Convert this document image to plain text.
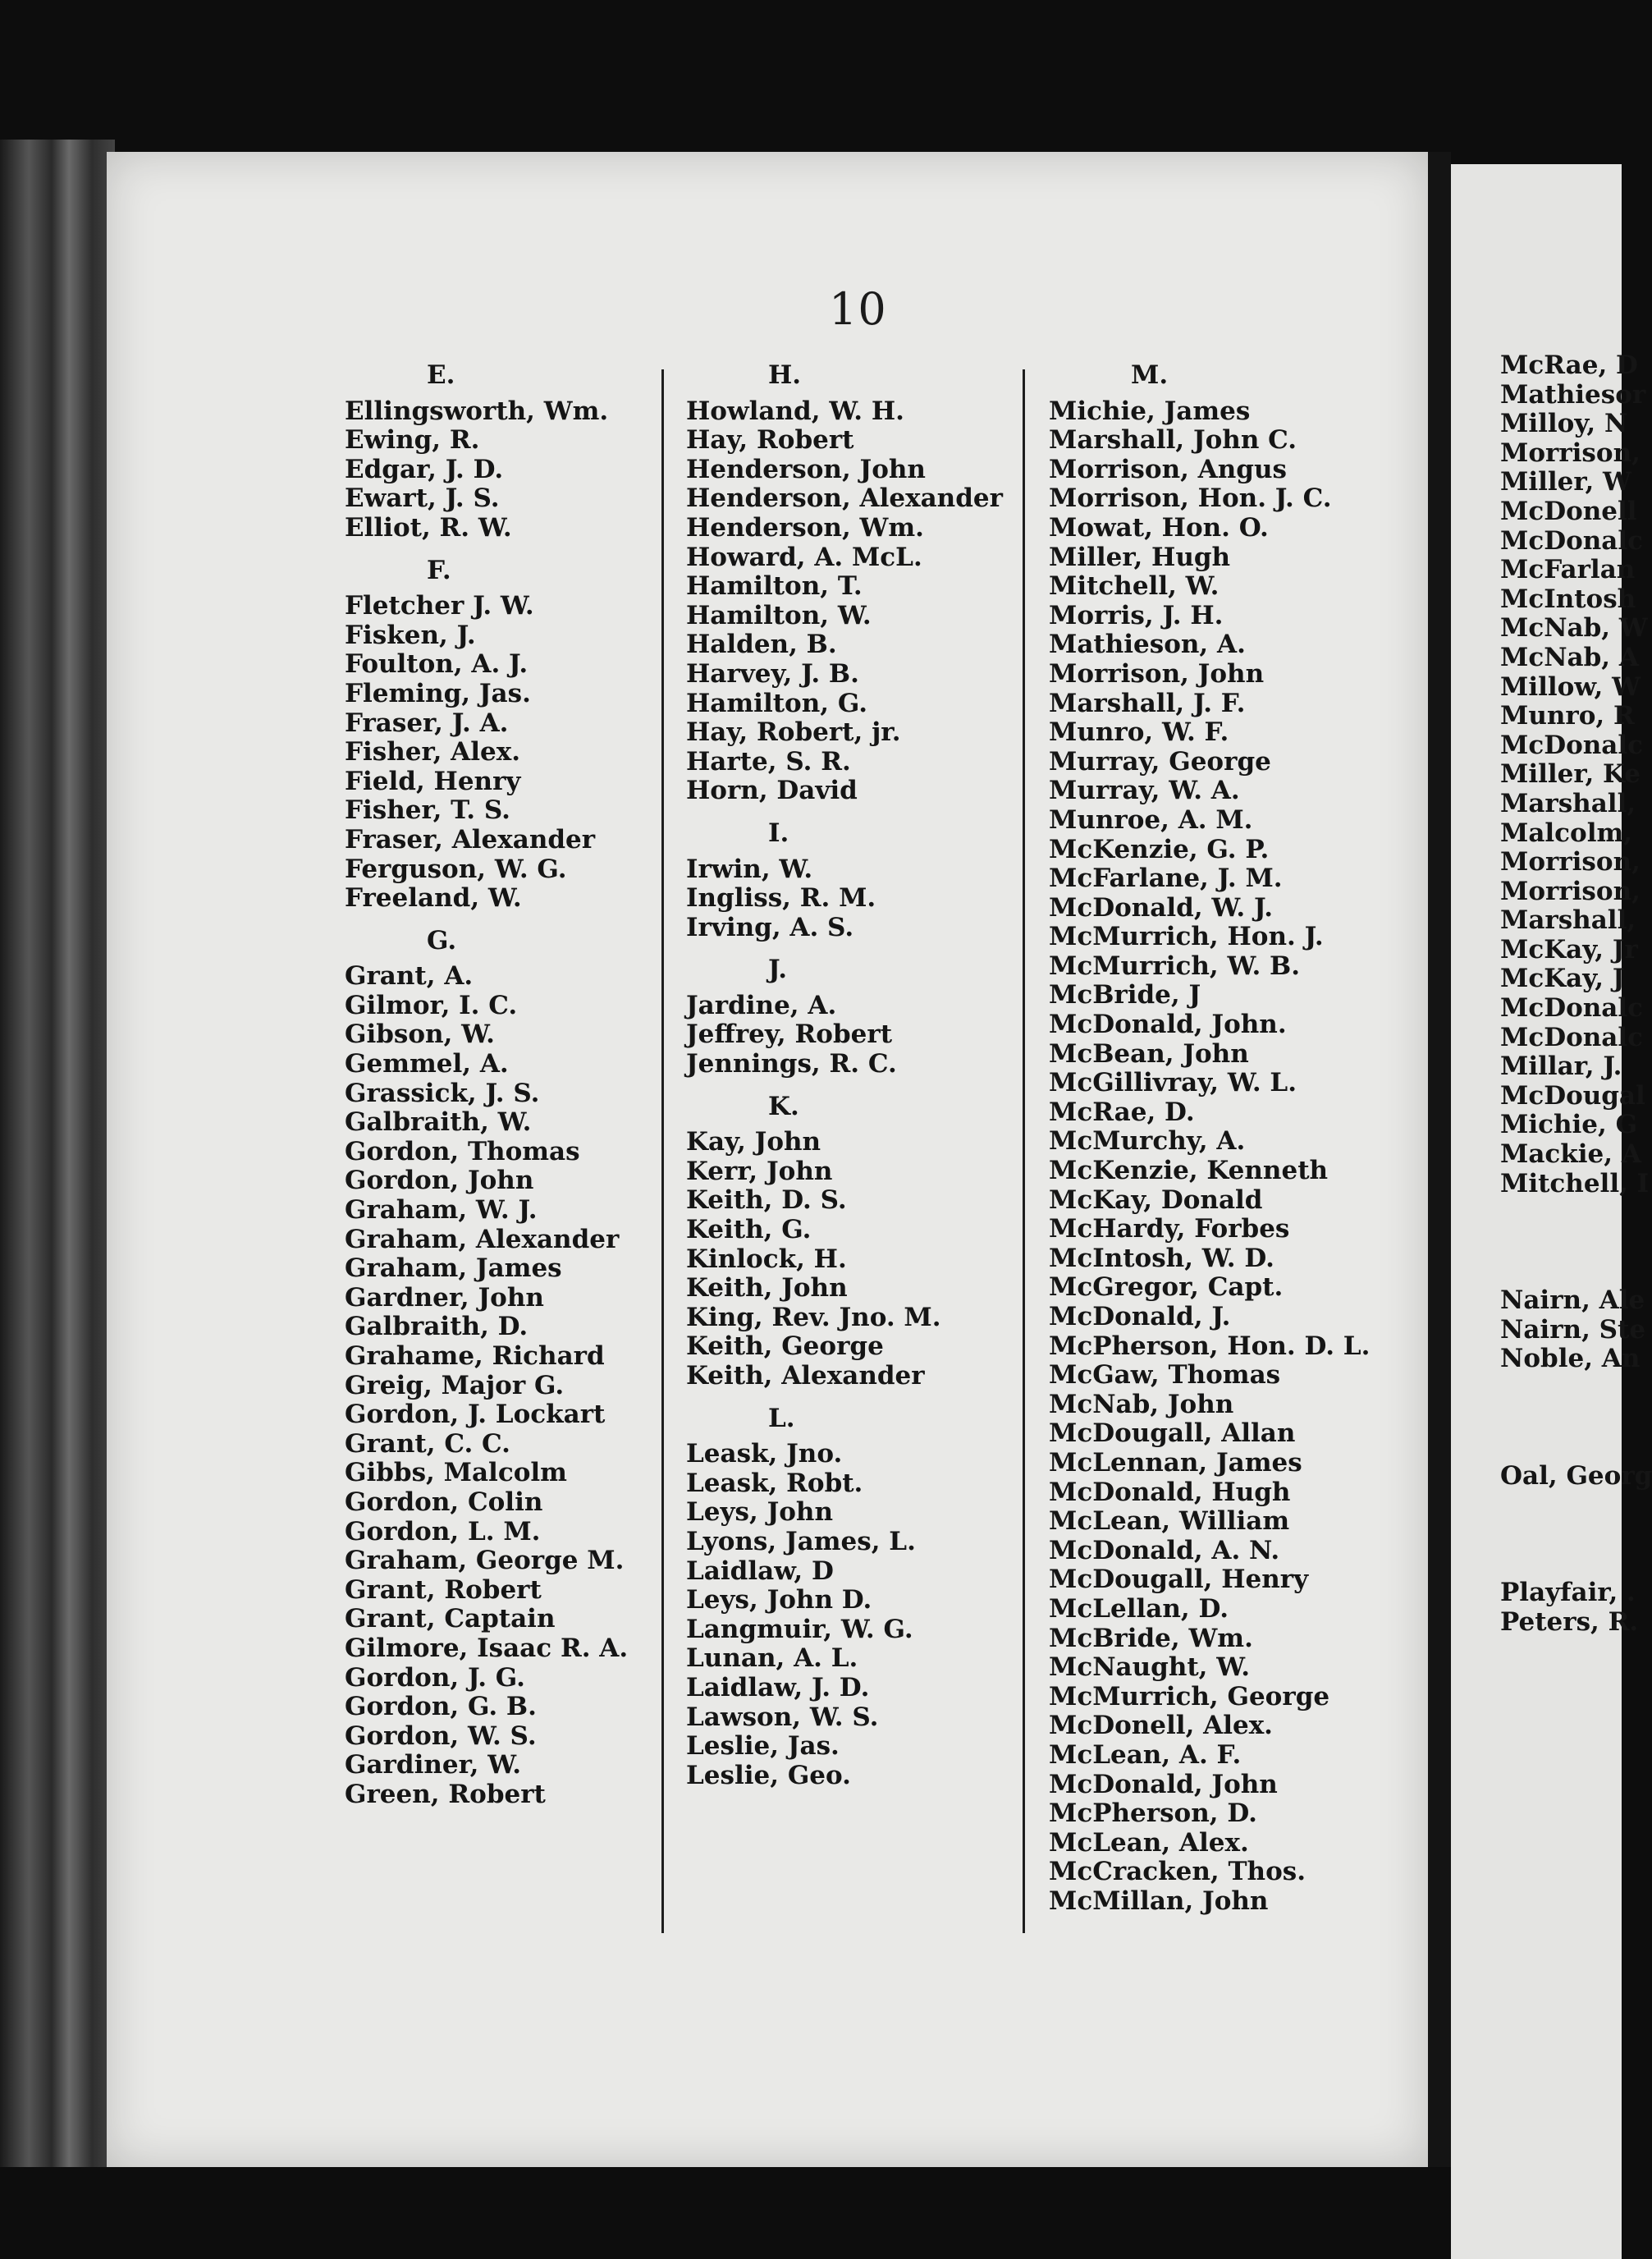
10
E.
Ellingsworth, Wm.
Ewing, R.
Edgar, J. D.
Ewart, J. S.
Elliot, R. W.
F.
Fletcher J. W.
Fisken, J.
Foulton, A. J.
Fleming, Jas.
Fraser, J. A.
Fisher, Alex.
Field, Henry
Fisher, T. S.
Fraser, Alexander
Ferguson, W. G.
Freeland, W.
G.
Grant, A.
Gilmor, I. C.
Gibson, W.
Gemmel, A.
Grassick, J. S.
Galbraith, W.
Gordon, Thomas
Gordon, John
Graham, W. J.
Graham, Alexander
Graham, James
Gardner, John
Galbraith, D.
Grahame, Richard
Greig, Major G.
Gordon, J. Lockart
Grant, C. C.
Gibbs, Malcolm
Gordon, Colin
Gordon, L. M.
Graham, George M.
Grant, Robert
Grant, Captain
Gilmore, Isaac R. A.
Gordon, J. G.
Gordon, G. B.
Gordon, W. S.
Gardiner, W.
Green, Robert
H.
Howland, W. H.
Hay, Robert
Henderson, John
Henderson, Alexander
Henderson, Wm.
Howard, A. McL.
Hamilton, T.
Hamilton, W.
Halden, B.
Harvey, J. B.
Hamilton, G.
Hay, Robert, jr.
Harte, S. R.
Horn, David
I.
Irwin, W.
Ingliss, R. M.
Irving, A. S.
J.
Jardine, A.
Jeffrey, Robert
Jennings, R. C.
K.
Kay, John
Kerr, John
Keith, D. S.
Keith, G.
Kinlock, H.
Keith, John
King, Rev. Jno. M.
Keith, George
Keith, Alexander
L.
Leask, Jno.
Leask, Robt.
Leys, John
Lyons, James, L.
Laidlaw, D
Leys, John D.
Langmuir, W. G.
Lunan, A. L.
Laidlaw, J. D.
Lawson, W. S.
Leslie, Jas.
Leslie, Geo.
M.
Michie, James
Marshall, John C.
Morrison, Angus
Morrison, Hon. J. C.
Mowat, Hon. O.
Miller, Hugh
Mitchell, W.
Morris, J. H.
Mathieson, A.
Morrison, John
Marshall, J. F.
Munro, W. F.
Murray, George
Murray, W. A.
Munroe, A. M.
McKenzie, G. P.
McFarlane, J. M.
McDonald, W. J.
McMurrich, Hon. J.
McMurrich, W. B.
McBride, J
McDonald, John.
McBean, John
McGillivray, W. L.
McRae, D.
McMurchy, A.
McKenzie, Kenneth
McKay, Donald
McHardy, Forbes
McIntosh, W. D.
McGregor, Capt.
McDonald, J.
McPherson, Hon. D. L.
McGaw, Thomas
McNab, John
McDougall, Allan
McLennan, James
McDonald, Hugh
McLean, William
McDonald, A. N.
McDougall, Henry
McLellan, D.
McBride, Wm.
McNaught, W.
McMurrich, George
McDonell, Alex.
McLean, A. F.
McDonald, John
McPherson, D.
McLean, Alex.
McCracken, Thos.
McMillan, John
McRae, D
Mathiesor
Milloy, N
Morrison,
Miller, W
McDonell
McDonalc
McFarlan
McIntosh
McNab, W
McNab, A
Millow, W
Munro, R
McDonalc
Miller, Ke
Marshall,
Malcolm,
Morrison,
Morrison,
Marshall,
McKay, Jr
McKay, J
McDonalc
McDonalc
Millar, J.
McDougal
Michie, G
Mackie, A
Mitchell, I
Nairn, Ale
Nairn, Ste
Noble, An
Oal, Georg
Playfair, .
Peters, R.
